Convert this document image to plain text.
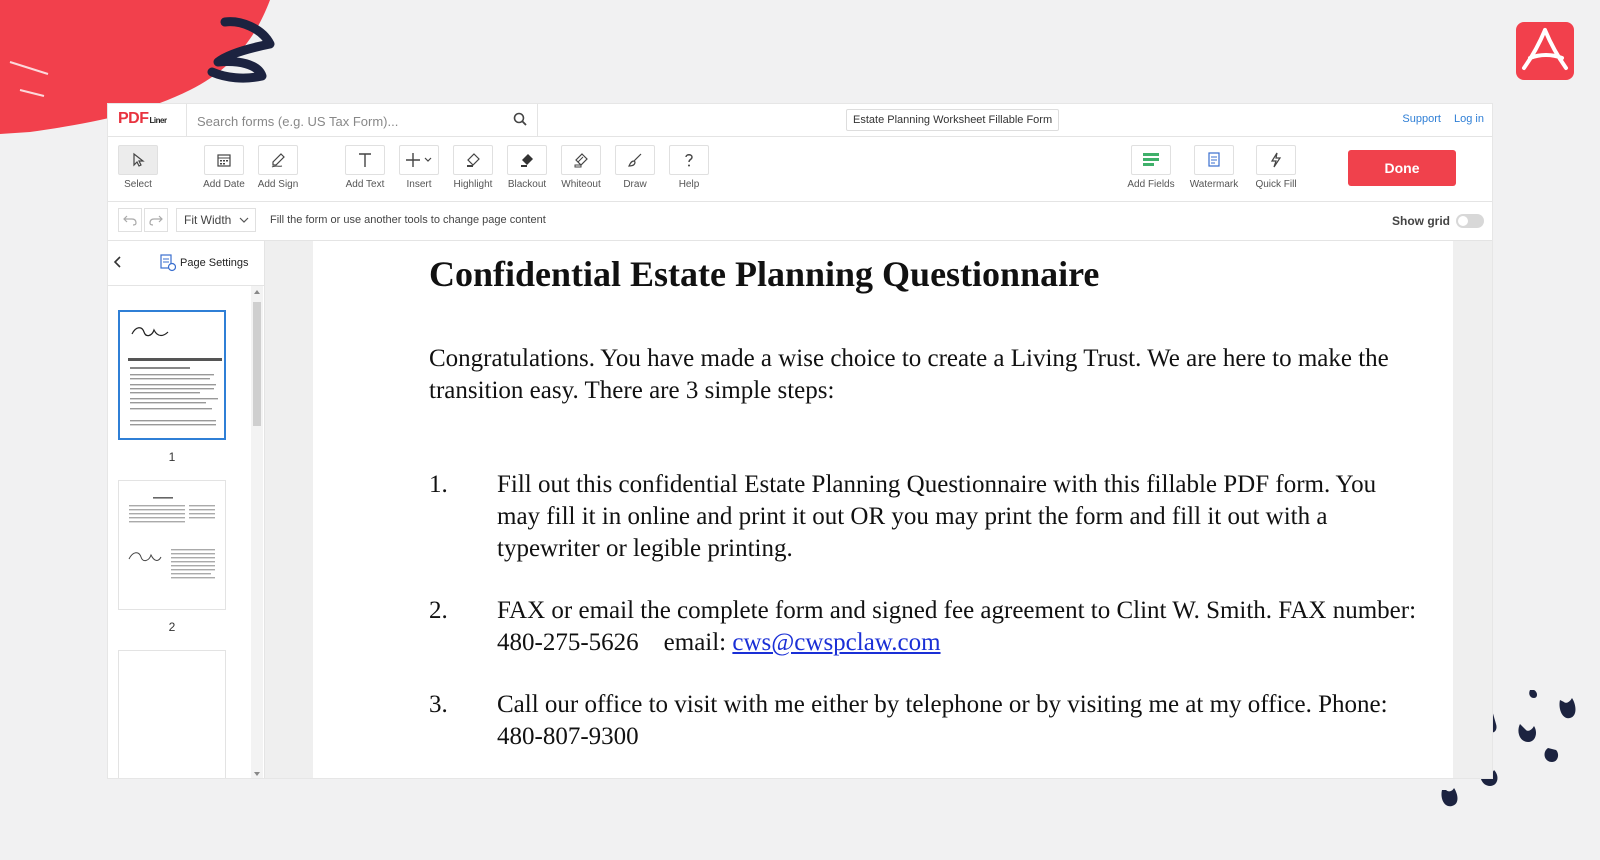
PDFLiner
Search forms (e.g. US Tax Form)...	Estate Planning Worksheet Fillable Form	Support Log in
Select	Add Date	Add Sign	Add Text	Insert	Highlight	Blackout	Whiteout	Draw	Help	Add Fields Watermark	Quick Fill
Done
Fit Width	Fill the form or use another tools to change page content	Show grid
Page Settings
1
2
Confidential Estate Planning Questionnaire

Congratulations. You have made a wise choice to create a Living Trust. We are here to make the transition easy. There are 3 simple steps:

1. Fill out this confidential Estate Planning Questionnaire with this fillable PDF form. You may fill it in online and print it out OR you may print the form and fill it out with a typewriter or legible printing.
2. FAX or email the complete form and signed fee agreement to Clint W. Smith. FAX number: 480-275-5626    email: cws@cwspclaw.com
3. Call our office to visit with me either by telephone or by visiting me at my office. Phone: 480-807-9300
